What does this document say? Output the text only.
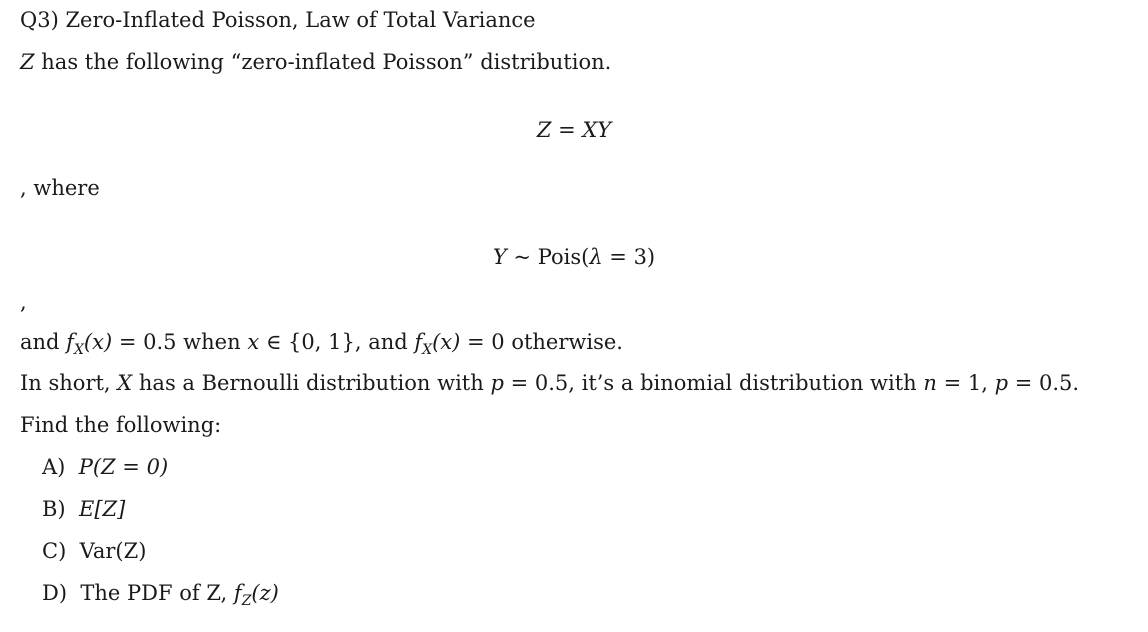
Q3) Zero-Inflated Poisson, Law of Total Variance
Z has the following “zero-inflated Poisson” distribution.
Z = XY
, where
Y ~ Pois(λ = 3)
,
and $f_X(x) = 0.5$ when x ∈ {0, 1}, and $f_X(x) = 0$ otherwise.
In short, X has a Bernoulli distribution with p = 0.5, it’s a binomial distribution with n = 1, p = 0.5.
Find the following:
A) P(Z = 0)
B) E[Z]
C) Var(Z)
D) The PDF of Z, $f_Z(z)$
